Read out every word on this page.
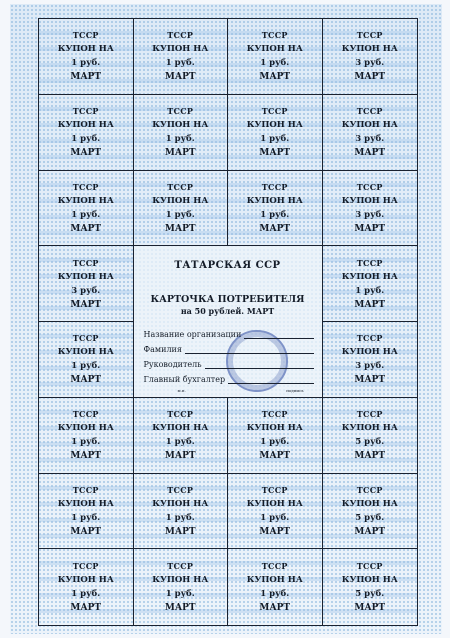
ТССР
КУПОН НА
1 руб.
МАРТ
ТССР
КУПОН НА
1 руб.
МАРТ
ТССР
КУПОН НА
1 руб.
МАРТ
ТССР
КУПОН НА
3 руб.
МАРТ
ТССР
КУПОН НА
1 руб.
МАРТ
ТССР
КУПОН НА
1 руб.
МАРТ
ТССР
КУПОН НА
1 руб.
МАРТ
ТССР
КУПОН НА
3 руб.
МАРТ
ТССР
КУПОН НА
1 руб.
МАРТ
ТССР
КУПОН НА
1 руб.
МАРТ
ТССР
КУПОН НА
1 руб.
МАРТ
ТССР
КУПОН НА
3 руб.
МАРТ
ТССР
КУПОН НА
3 руб.
МАРТ
ТАТАРСКАЯ ССР
КАРТОЧКА ПОТРЕБИТЕЛЯ
на 50 рублей. МАРТ
Название организации
Фамилия
Руководитель
Главный бухгалтер
м.п.	подпись
ТССР
КУПОН НА
1 руб.
МАРТ
ТССР
КУПОН НА
1 руб.
МАРТ
ТССР
КУПОН НА
3 руб.
МАРТ
ТССР
КУПОН НА
1 руб.
МАРТ
ТССР
КУПОН НА
1 руб.
МАРТ
ТССР
КУПОН НА
1 руб.
МАРТ
ТССР
КУПОН НА
5 руб.
МАРТ
ТССР
КУПОН НА
1 руб.
МАРТ
ТССР
КУПОН НА
1 руб.
МАРТ
ТССР
КУПОН НА
1 руб.
МАРТ
ТССР
КУПОН НА
5 руб.
МАРТ
ТССР
КУПОН НА
1 руб.
МАРТ
ТССР
КУПОН НА
1 руб.
МАРТ
ТССР
КУПОН НА
1 руб.
МАРТ
ТССР
КУПОН НА
5 руб.
МАРТ
